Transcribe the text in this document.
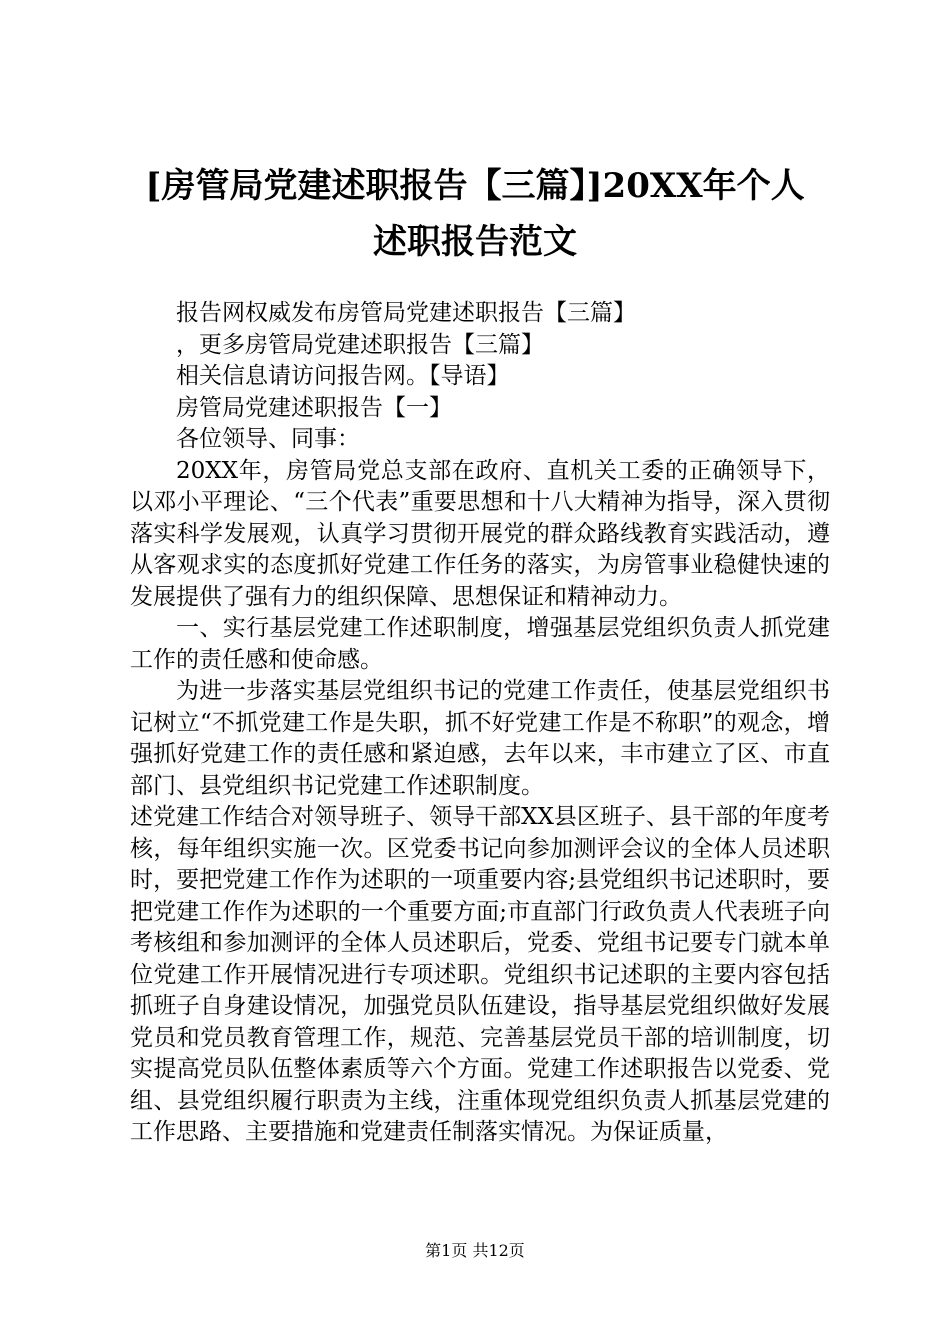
[房管局党建述职报告【三篇】]20XX年个人
述职报告范文

报告网权威发布房管局党建述职报告【三篇】

，更多房管局党建述职报告【三篇】

相关信息请访问报告网。【导语】

房管局党建述职报告【一】

各位领导、同事：

20XX年，房管局党总支部在政府、直机关工委的正确领导下，以邓小平理论、“三个代表”重要思想和十八大精神为指导，深入贯彻落实科学发展观，认真学习贯彻开展党的群众路线教育实践活动，遵从客观求实的态度抓好党建工作任务的落实，为房管事业稳健快速的发展提供了强有力的组织保障、思想保证和精神动力。

一、实行基层党建工作述职制度，增强基层党组织负责人抓党建工作的责任感和使命感。

为进一步落实基层党组织书记的党建工作责任，使基层党组织书记树立“不抓党建工作是失职，抓不好党建工作是不称职”的观念，增强抓好党建工作的责任感和紧迫感，去年以来，丰市建立了区、市直部门、县党组织书记党建工作述职制度。

述党建工作结合对领导班子、领导干部XX县区班子、县干部的年度考核，每年组织实施一次。区党委书记向参加测评会议的全体人员述职时，要把党建工作作为述职的一项重要内容;县党组织书记述职时，要把党建工作作为述职的一个重要方面;市直部门行政负责人代表班子向考核组和参加测评的全体人员述职后，党委、党组书记要专门就本单位党建工作开展情况进行专项述职。党组织书记述职的主要内容包括抓班子自身建设情况，加强党员队伍建设，指导基层党组织做好发展党员和党员教育管理工作，规范、完善基层党员干部的培训制度，切实提高党员队伍整体素质等六个方面。党建工作述职报告以党委、党组、县党组织履行职责为主线，注重体现党组织负责人抓基层党建的工作思路、主要措施和党建责任制落实情况。为保证质量，

第1页 共12页
